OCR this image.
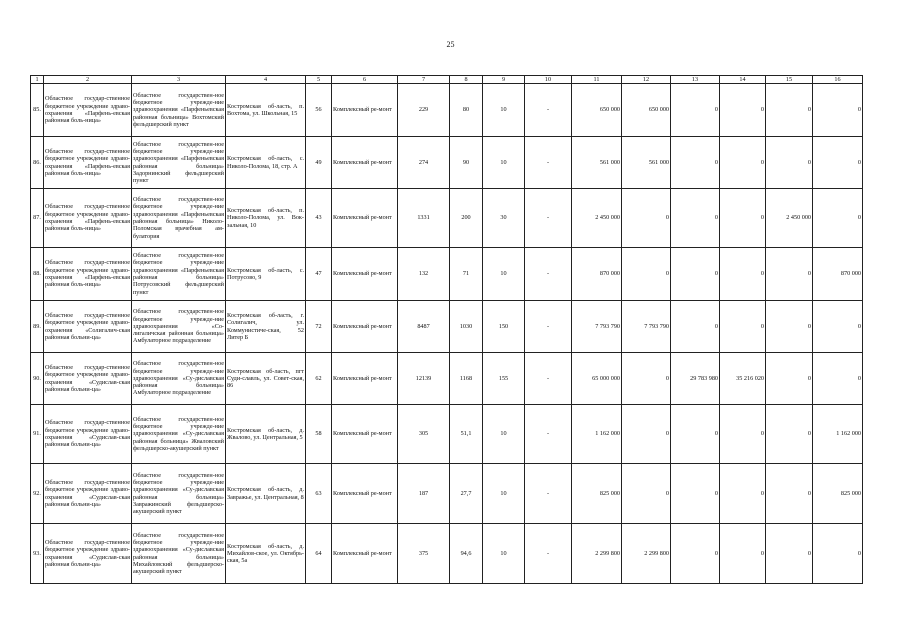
25
1	2	3	4	5	6	7	8	9	10	11	12	13	14	15	16
85.	Областное государ-ственное бюджетное учреждение здраво-охранения «Парфень-евская районная боль-ница»	Областное государствен-ное бюджетное учрежде-ние здравоохранения «Парфеньевская районная больница» Вохтомский фельдшерский пункт	Костромская об-ласть, п. Вохтома, ул. Школьная, 15	56	Комплексный ре-монт	229	80	10	-	650 000	650 000	0	0	0	0
86.	Областное государ-ственное бюджетное учреждение здраво-охранения «Парфень-евская районная боль-ница»	Областное государствен-ное бюджетное учрежде-ние здравоохранения «Парфеньевская районная больница» Задорнинский фельдшерский пункт	Костромская об-ласть, с. Николо-Полома, 18, стр. А	49	Комплексный ре-монт	274	90	10	-	561 000	561 000	0	0	0	0
87.	Областное государ-ственное бюджетное учреждение здраво-охранения «Парфень-евская районная боль-ница»	Областное государствен-ное бюджетное учрежде-ние здравоохранения «Парфеньевская районная больница» Николо-Поломская врачебная ам-булатория	Костромская об-ласть, п. Николо-Полома, ул. Вок-зальная, 10	43	Комплексный ре-монт	1331	200	30	-	2 450 000	0	0	0	2 450 000	0
88.	Областное государ-ственное бюджетное учреждение здраво-охранения «Парфень-евская районная боль-ница»	Областное государствен-ное бюджетное учрежде-ние здравоохранения «Парфеньевская районная больница» Потрусовский фельдшерский пункт	Костромская об-ласть, с. Потрусово, 9	47	Комплексный ре-монт	132	71	10	-	870 000	0	0	0	0	870 000
89.	Областное государ-ственное бюджетное учреждение здраво-охранения «Солигалич-ская районная больни-ца»	Областное государствен-ное бюджетное учрежде-ние здравоохранения «Со-лигаличская районная больница» Амбулаторное подразделение	Костромская об-ласть, г. Солигалич, ул. Коммунистиче-ская, 52 Литер Б	72	Комплексный ре-монт	8487	1030	150	-	7 793 790	7 793 790	0	0	0	0
90.	Областное государ-ственное бюджетное учреждение здраво-охранения «Судислав-ская районная больни-ца»	Областное государствен-ное бюджетное учрежде-ние здравоохранения «Су-диславская районная больница» Амбулаторное подразделение	Костромская об-ласть, пгт Суди-славль, ул. Совет-ская, 86	62	Комплексный ре-монт	12139	1168	155	-	65 000 000	0	29 783 980	35 216 020	0	0
91.	Областное государ-ственное бюджетное учреждение здраво-охранения «Судислав-ская районная больни-ца»	Областное государствен-ное бюджетное учрежде-ние здравоохранения «Су-диславская районная больница» Жваловский фельдшерско-акушерский пункт	Костромская об-ласть, д. Жвалово, ул. Центральная, 5	58	Комплексный ре-монт	305	51,1	10	-	1 162 000	0	0	0	0	1 162 000
92.	Областное государ-ственное бюджетное учреждение здраво-охранения «Судислав-ская районная больни-ца»	Областное государствен-ное бюджетное учрежде-ние здравоохранения «Су-диславская районная больница» Завражинский фельдшерско-акушерский пункт	Костромская об-ласть, д. Завражье, ул. Центральная, 8	63	Комплексный ре-монт	187	27,7	10	-	825 000	0	0	0	0	825 000
93.	Областное государ-ственное бюджетное учреждение здраво-охранения «Судислав-ская районная больни-ца»	Областное государствен-ное бюджетное учрежде-ние здравоохранения «Су-диславская районная больница» Михайловский фельдшерско-акушерский пункт	Костромская об-ласть, д. Михайлов-ское, ул. Октябрь-ская, 5а	64	Комплексный ре-монт	375	94,6	10	-	2 299 800	2 299 800	0	0	0	0
